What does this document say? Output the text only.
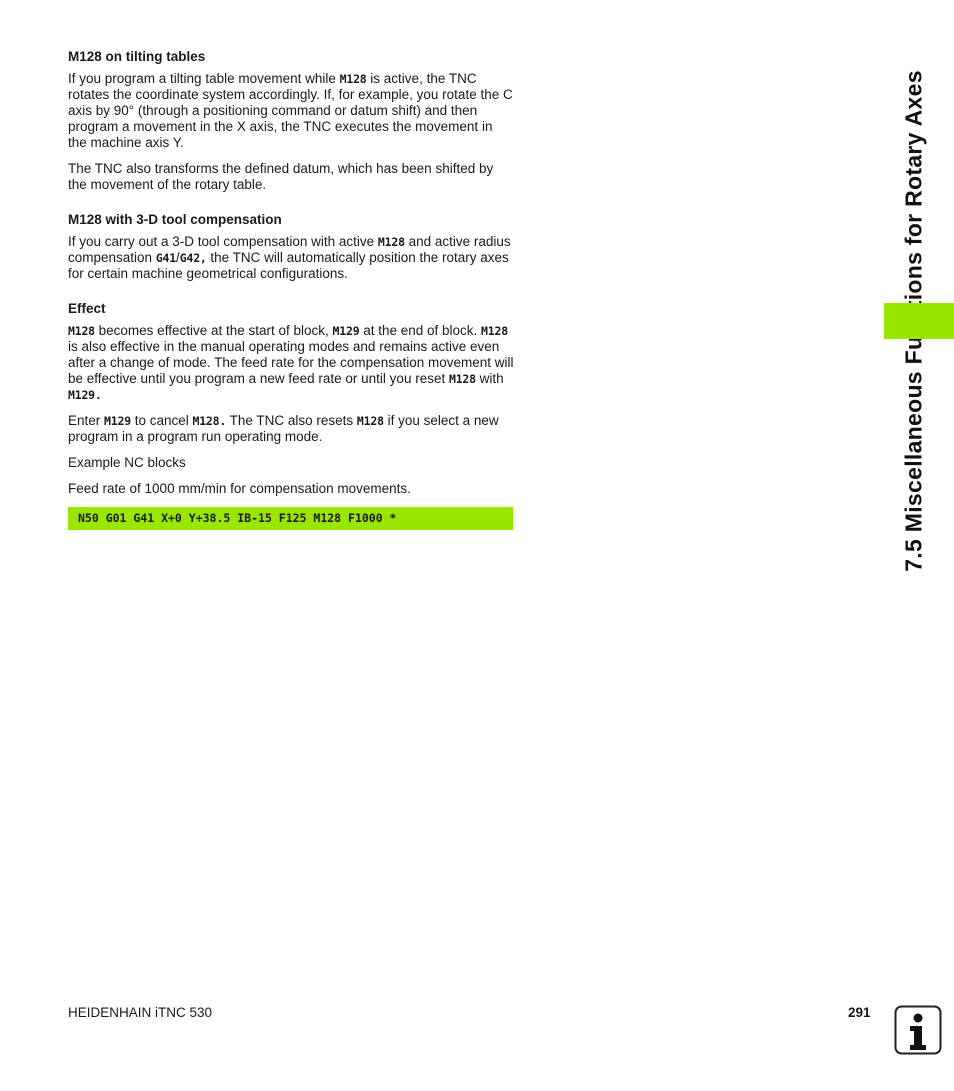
M128 on tilting tables

If you program a tilting table movement while M128 is active, the TNC rotates the coordinate system accordingly. If, for example, you rotate the C axis by 90° (through a positioning command or datum shift) and then program a movement in the X axis, the TNC executes the movement in the machine axis Y.

The TNC also transforms the defined datum, which has been shifted by the movement of the rotary table.

M128 with 3-D tool compensation

If you carry out a 3-D tool compensation with active M128 and active radius compensation G41/G42, the TNC will automatically position the rotary axes for certain machine geometrical configurations.

Effect

M128 becomes effective at the start of block, M129 at the end of block. M128 is also effective in the manual operating modes and remains active even after a change of mode. The feed rate for the compensation movement will be effective until you program a new feed rate or until you reset M128 with M129.

Enter M129 to cancel M128. The TNC also resets M128 if you select a new program in a program run operating mode.

Example NC blocks

Feed rate of 1000 mm/min for compensation movements.

N50 G01 G41 X+0 Y+38.5 IB-15 F125 M128 F1000 *
HEIDENHAIN iTNC 530	291
